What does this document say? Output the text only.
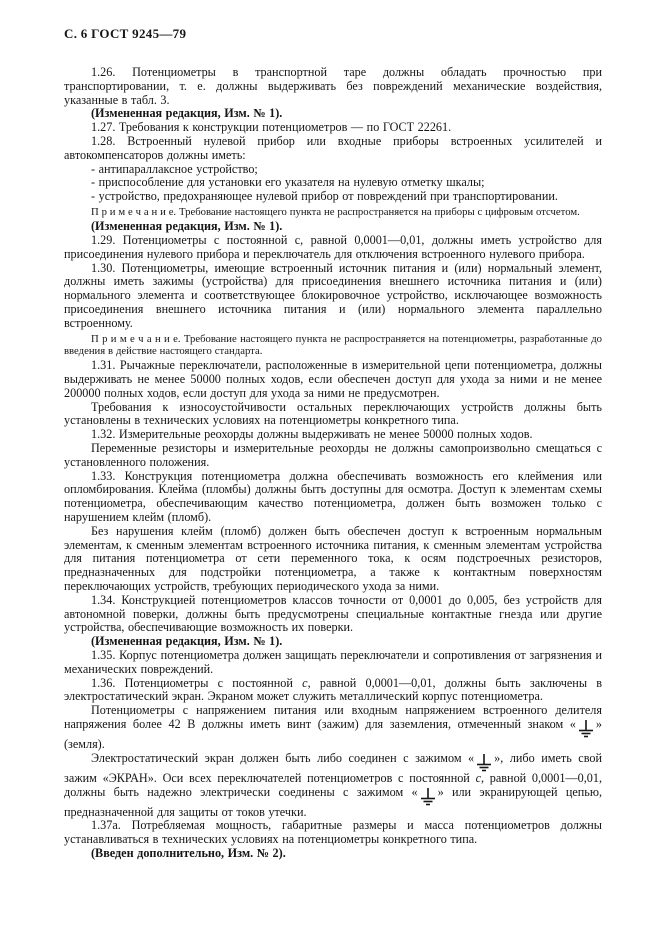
С. 6 ГОСТ 9245—79

1.26. Потенциометры в транспортной таре должны обладать прочностью при транспортировании, т. е. должны выдерживать без повреждений механические воздействия, указанные в табл. 3.

(Измененная редакция, Изм. № 1).

1.27. Требования к конструкции потенциометров — по ГОСТ 22261.

1.28. Встроенный нулевой прибор или входные приборы встроенных усилителей и автокомпенсаторов должны иметь:

- антипараллаксное устройство;

- приспособление для установки его указателя на нулевую отметку шкалы;

- устройство, предохраняющее нулевой прибор от повреждений при транспортировании.

П р и м е ч а н и е. Требование настоящего пункта не распространяется на приборы с цифровым отсчетом.

(Измененная редакция, Изм. № 1).

1.29. Потенциометры с постоянной с, равной 0,0001—0,01, должны иметь устройство для присоединения нулевого прибора и переключатель для отключения встроенного нулевого прибора.

1.30. Потенциометры, имеющие встроенный источник питания и (или) нормальный элемент, должны иметь зажимы (устройства) для присоединения внешнего источника питания и (или) нормального элемента и соответствующее блокировочное устройство, исключающее возможность присоединения внешнего источника питания и (или) нормального элемента параллельно встроенному.

П р и м е ч а н и е. Требование настоящего пункта не распространяется на потенциометры, разработанные до введения в действие настоящего стандарта.

1.31. Рычажные переключатели, расположенные в измерительной цепи потенциометра, должны выдерживать не менее 50000 полных ходов, если обеспечен доступ для ухода за ними и не менее 200000 полных ходов, если доступ для ухода за ними не предусмотрен.

Требования к износоустойчивости остальных переключающих устройств должны быть установлены в технических условиях на потенциометры конкретного типа.

1.32. Измерительные реохорды должны выдерживать не менее 50000 полных ходов.

Переменные резисторы и измерительные реохорды не должны самопроизвольно смещаться с установленного положения.

1.33. Конструкция потенциометра должна обеспечивать возможность его клеймения или опломбирования. Клейма (пломбы) должны быть доступны для осмотра. Доступ к элементам схемы потенциометра, обеспечивающим качество потенциометра, должен быть возможен только с нарушением клейм (пломб).

Без нарушения клейм (пломб) должен быть обеспечен доступ к встроенным нормальным элементам, к сменным элементам встроенного источника питания, к сменным элементам устройства для питания потенциометра от сети переменного тока, к осям подстроечных резисторов, предназначенных для подстройки потенциометра, а также к контактным поверхностям переключающих устройств, требующих периодического ухода за ними.

1.34. Конструкцией потенциометров классов точности от 0,0001 до 0,005, без устройств для автономной поверки, должны быть предусмотрены специальные контактные гнезда или другие устройства, обеспечивающие возможность их поверки.

(Измененная редакция, Изм. № 1).

1.35. Корпус потенциометра должен защищать переключатели и сопротивления от загрязнения и механических повреждений.

1.36. Потенциометры с постоянной с, равной 0,0001—0,01, должны быть заключены в электростатический экран. Экраном может служить металлический корпус потенциометра.

Потенциометры с напряжением питания или входным напряжением встроенного делителя напряжения более 42 В должны иметь винт (зажим) для заземления, отмеченный знаком « » (земля).

Электростатический экран должен быть либо соединен с зажимом « », либо иметь свой зажим «ЭКРАН». Оси всех переключателей потенциометров с постоянной с, равной 0,0001—0,01, должны быть надежно электрически соединены с зажимом « » или экранирующей цепью, предназначенной для защиты от токов утечки.

1.37а. Потребляемая мощность, габаритные размеры и масса потенциометров должны устанавливаться в технических условиях на потенциометры конкретного типа.

(Введен дополнительно, Изм. № 2).
